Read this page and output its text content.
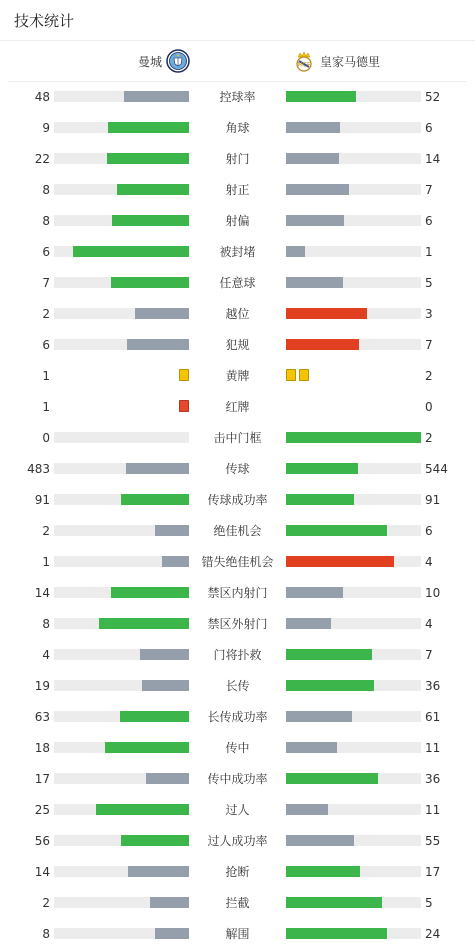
技术统计
曼城	MCF 皇家马德里
48	控球率	52
9	角球	6
22	射门	14
8	射正	7
8	射偏	6
6	被封堵	1
7	任意球	5
2	越位	3
6	犯规	7
1	黄牌	2
1	红牌	0
0	击中门框	2
483	传球	544
91	传球成功率	91
2	绝佳机会	6
1	错失绝佳机会	4
14	禁区内射门	10
8	禁区外射门	4
4	门将扑救	7
19	长传	36
63	长传成功率	61
18	传中	11
17	传中成功率	36
25	过人	11
56	过人成功率	55
14	抢断	17
2	拦截	5
8	解围	24
